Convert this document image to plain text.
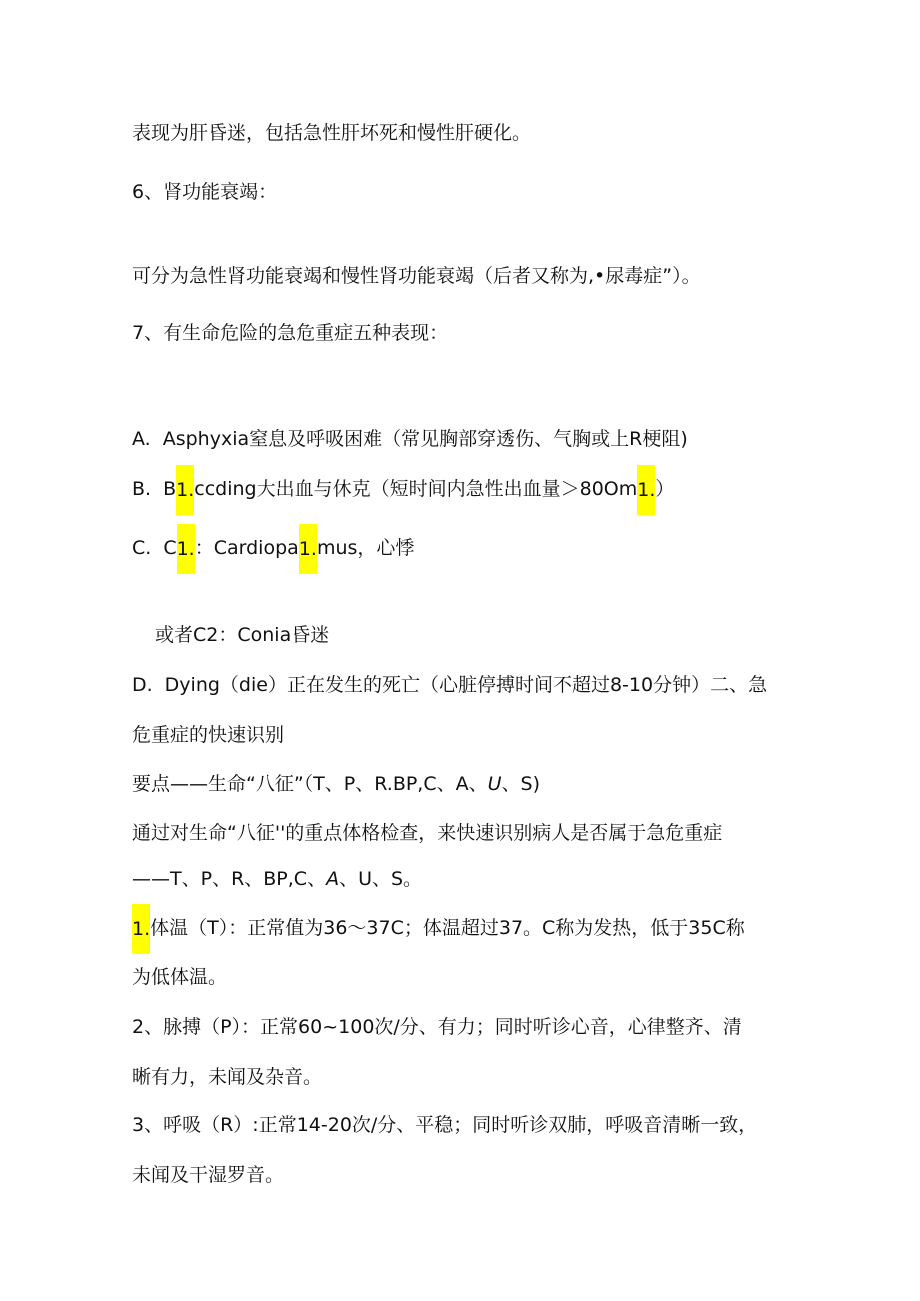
表现为肝昏迷，包括急性肝坏死和慢性肝硬化。
6、肾功能衰竭：
可分为急性肾功能衰竭和慢性肾功能衰竭（后者又称为,•尿毒症”）。
7、有生命危险的急危重症五种表现：
A. Asphyxia窒息及呼吸困难（常见胸部穿透伤、气胸或上R梗阻)
B. B1.ccding大出血与休克（短时间内急性出血量＞80Om1.）
C. C1.：Cardiopa1.mus，心悸
或者C2：Conia昏迷
D. Dying（die）正在发生的死亡（心脏停搏时间不超过8-10分钟）二、急
危重症的快速识别
要点——生命“八征”（T、P、R.BP,C、A、U、S)
通过对生命“八征''的重点体格检查，来快速识别病人是否属于急危重症
——T、P、R、BP,C、A、U、S。
1.体温（T）：正常值为36～37C；体温超过37。C称为发热，低于35C称
为低体温。
2、脉搏（P）：正常60~100次/分、有力；同时听诊心音，心律整齐、清
晰有力，未闻及杂音。
3、呼吸（R）:正常14-20次/分、平稳；同时听诊双肺，呼吸音清晰一致，
未闻及干湿罗音。
